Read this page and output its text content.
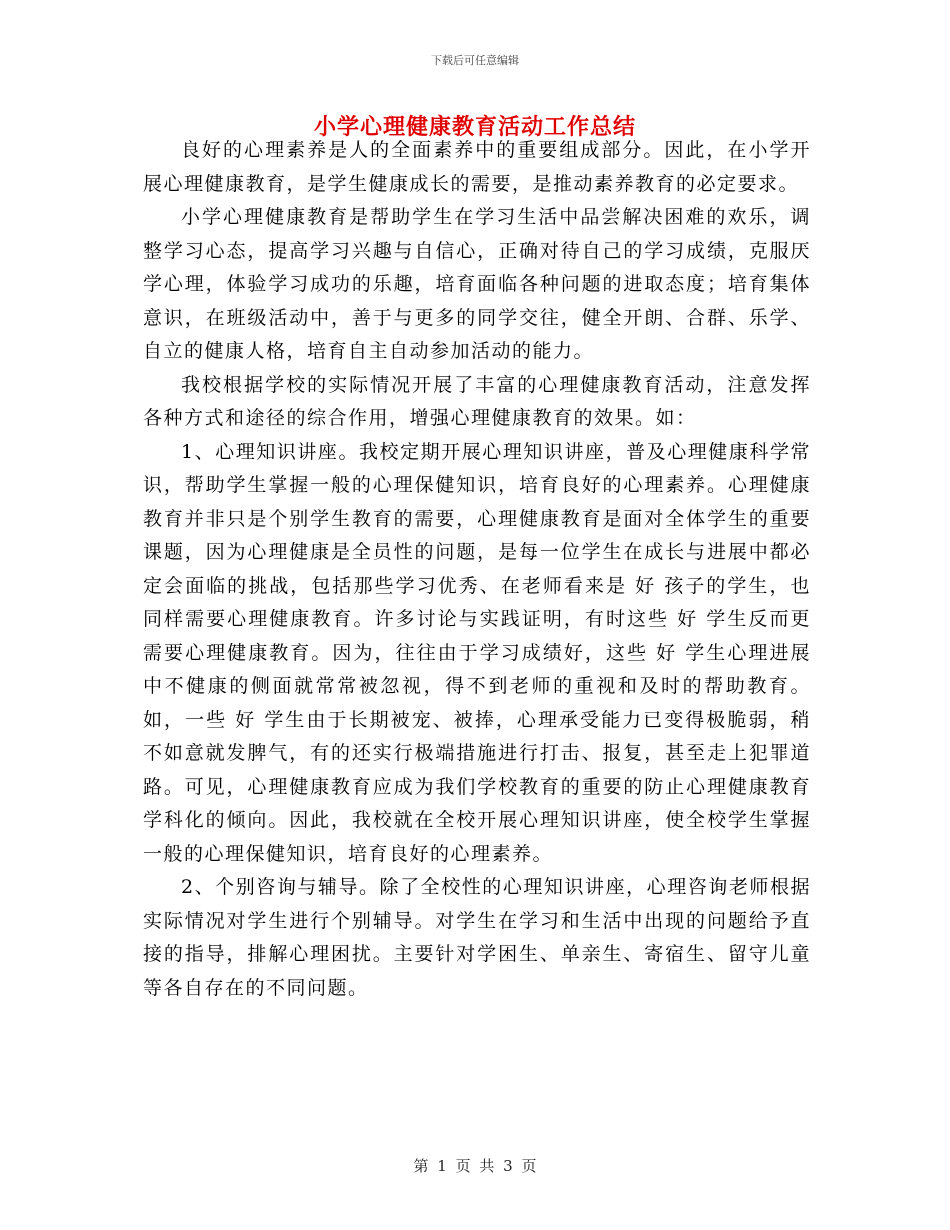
下载后可任意编辑
小学心理健康教育活动工作总结

良好的心理素养是人的全面素养中的重要组成部分。因此，在小学开展心理健康教育，是学生健康成长的需要，是推动素养教育的必定要求。

小学心理健康教育是帮助学生在学习生活中品尝解决困难的欢乐，调整学习心态，提高学习兴趣与自信心，正确对待自己的学习成绩，克服厌学心理，体验学习成功的乐趣，培育面临各种问题的进取态度；培育集体意识，在班级活动中，善于与更多的同学交往，健全开朗、合群、乐学、自立的健康人格，培育自主自动参加活动的能力。

我校根据学校的实际情况开展了丰富的心理健康教育活动，注意发挥各种方式和途径的综合作用，增强心理健康教育的效果。如：

1、心理知识讲座。我校定期开展心理知识讲座，普及心理健康科学常识，帮助学生掌握一般的心理保健知识，培育良好的心理素养。心理健康教育并非只是个别学生教育的需要，心理健康教育是面对全体学生的重要课题，因为心理健康是全员性的问题，是每一位学生在成长与进展中都必定会面临的挑战，包括那些学习优秀、在老师看来是 好 孩子的学生，也同样需要心理健康教育。许多讨论与实践证明，有时这些 好 学生反而更需要心理健康教育。因为，往往由于学习成绩好，这些 好 学生心理进展中不健康的侧面就常常被忽视，得不到老师的重视和及时的帮助教育。如，一些 好 学生由于长期被宠、被捧，心理承受能力已变得极脆弱，稍不如意就发脾气，有的还实行极端措施进行打击、报复，甚至走上犯罪道路。可见，心理健康教育应成为我们学校教育的重要的防止心理健康教育学科化的倾向。因此，我校就在全校开展心理知识讲座，使全校学生掌握一般的心理保健知识，培育良好的心理素养。

2、个别咨询与辅导。除了全校性的心理知识讲座，心理咨询老师根据实际情况对学生进行个别辅导。对学生在学习和生活中出现的问题给予直接的指导，排解心理困扰。主要针对学困生、单亲生、寄宿生、留守儿童等各自存在的不同问题。

第 1 页 共 3 页
